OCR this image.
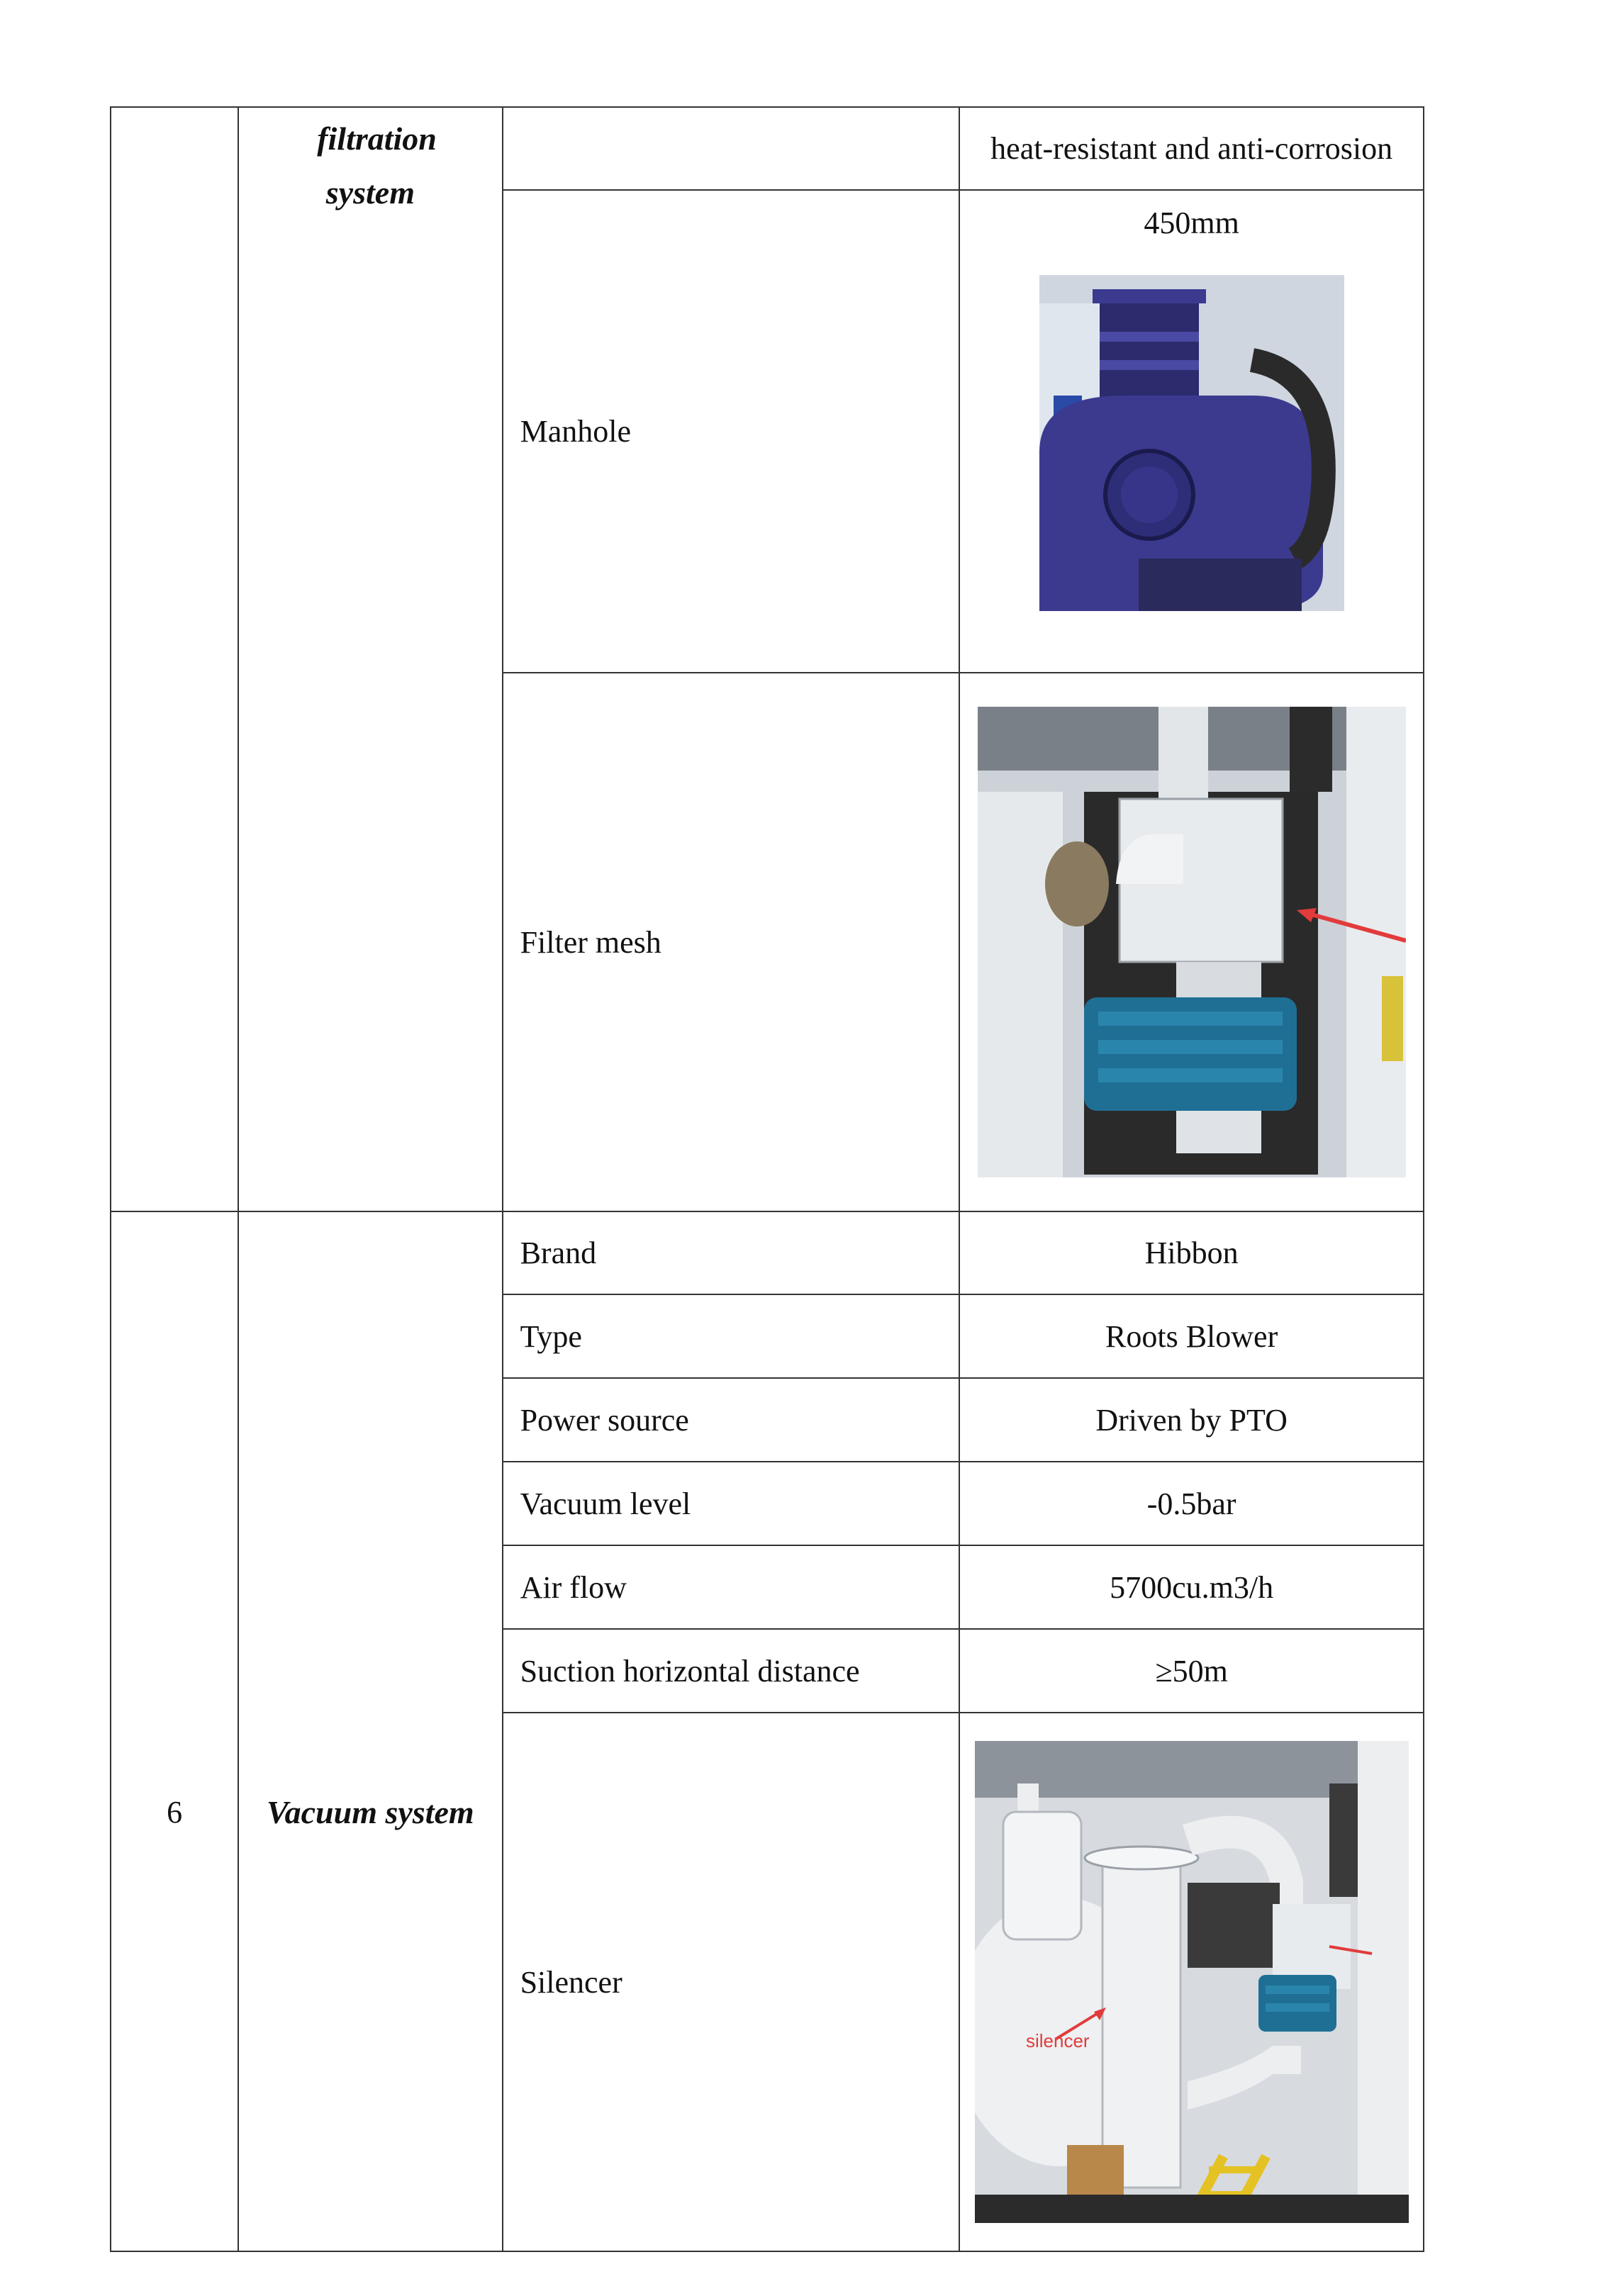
	filtration system		heat-resistant and anti-corrosion
		Manhole	450mm

		Filter mesh	

6	Vacuum system	Brand	Hibbon
		Type	Roots Blower
		Power source	Driven by PTO
		Vacuum level	-0.5bar
		Air flow	5700cu.m3/h
		Suction horizontal distance	≥50m
		Silencer	silencer
